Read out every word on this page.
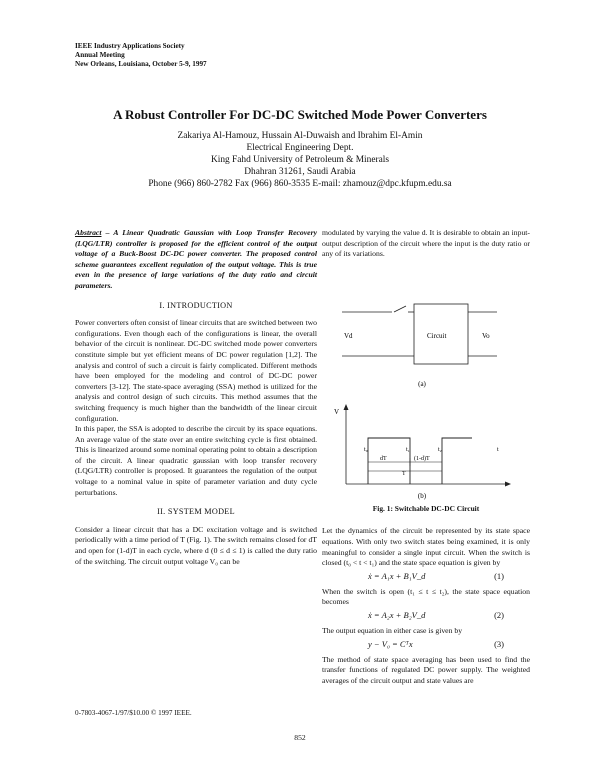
IEEE Industry Applications Society
Annual Meeting
New Orleans, Louisiana, October 5-9, 1997
A Robust Controller For DC-DC Switched Mode Power Converters
Zakariya Al-Hamouz, Hussain Al-Duwaish and Ibrahim El-Amin
Electrical Engineering Dept.
King Fahd University of Petroleum & Minerals
Dhahran 31261, Saudi Arabia
Phone (966) 860-2782 Fax (966) 860-3535 E-mail: zhamouz@dpc.kfupm.edu.sa

Abstract – A Linear Quadratic Gaussian with Loop Transfer Recovery (LQG/LTR) controller is proposed for the efficient control of the output voltage of a Buck-Boost DC-DC power converter. The proposed control scheme guarantees excellent regulation of the output voltage. This is true even in the presence of large variations of the duty ratio and circuit parameters.

I. INTRODUCTION

Power converters often consist of linear circuits that are switched between two configurations. Even though each of the configurations is linear, the overall behavior of the circuit is nonlinear. DC-DC switched mode power converters constitute simple but yet efficient means of DC power regulation [1,2]. The analysis and control of such a circuit is fairly complicated. Different methods have been employed for the modeling and control of DC-DC power converters [3-12]. The state-space averaging (SSA) method is utilized for the analysis and control design of such circuits. This method assumes that the switching frequency is much higher than the bandwidth of the linear circuit configuration.

In this paper, the SSA is adopted to describe the circuit by its space equations. An average value of the state over an entire switching cycle is first obtained. This is linearized around some nominal operating point to obtain a description of the circuit. A linear quadratic gaussian with loop transfer recovery (LQG/LTR) controller is proposed. It guarantees the regulation of the output voltage to a nominal value in spite of parameter variation and duty cycle perturbations.

II. SYSTEM MODEL

Consider a linear circuit that has a DC excitation voltage and is switched periodically with a time period of T (Fig. 1). The switch remains closed for dT and open for (1-d)T in each cycle, where d (0 ≤ d ≤ 1) is called the duty ratio of the switching. The circuit output voltage V₀ can be

modulated by varying the value d. It is desirable to obtain an input-output description of the circuit where the input is the duty ratio or any of its variations.

Vd	Circuit	Vo
(a)
V
t₀	t₁	t₂	t
dT	(1-d)T
T
(b)
Fig. 1: Switchable DC-DC Circuit

Let the dynamics of the circuit be represented by its state space equations. With only two switch states being examined, it is only meaningful to consider a single input circuit. When the switch is closed (t₀ < t < t₁) and the state space equation is given by

ẋ = A₁x + B₁V_d	(1)

When the switch is open (t₁ ≤ t ≤ t₂), the state space equation becomes

ẋ = A₂x + B₂V_d	(2)

The output equation in either case is given by

y − V₀ = Cᵀx	(3)

The method of state space averaging has been used to find the transfer functions of regulated DC power supply. The weighted averages of the circuit output and state values are

0-7803-4067-1/97/$10.00 © 1997 IEEE.
852
